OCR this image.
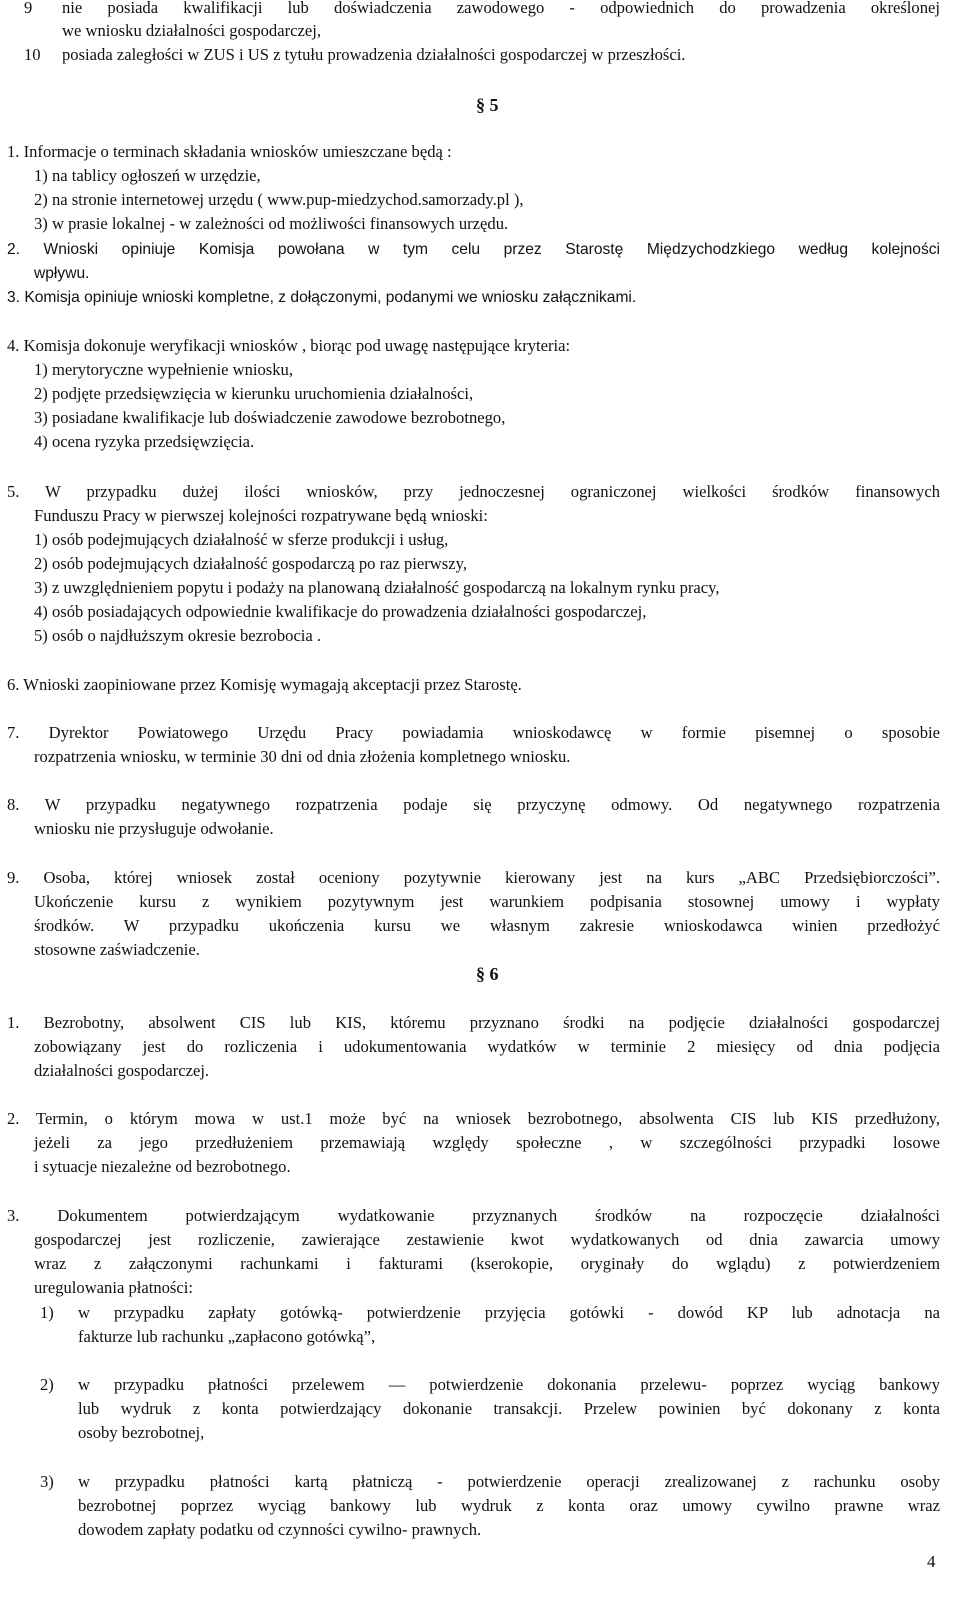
9 nie posiada kwalifikacji lub doświadczenia zawodowego - odpowiednich do prowadzenia określonej
we wniosku działalności gospodarczej,
10 posiada zaległości w ZUS i US z tytułu prowadzenia działalności gospodarczej w przeszłości.
§ 5
1. Informacje o terminach składania wniosków umieszczane będą :
1) na tablicy ogłoszeń w urzędzie,
2) na stronie internetowej urzędu ( www.pup-miedzychod.samorzady.pl ),
3) w prasie lokalnej - w zależności od możliwości finansowych urzędu.
2. Wnioski opiniuje Komisja powołana w tym celu przez Starostę Międzychodzkiego według kolejności
wpływu.
3. Komisja opiniuje wnioski kompletne, z dołączonymi, podanymi we wniosku załącznikami.
4. Komisja dokonuje weryfikacji wniosków , biorąc pod uwagę następujące kryteria:
1) merytoryczne wypełnienie wniosku,
2) podjęte przedsięwzięcia w kierunku uruchomienia działalności,
3) posiadane kwalifikacje lub doświadczenie zawodowe bezrobotnego,
4) ocena ryzyka przedsięwzięcia.
5. W przypadku dużej ilości wniosków, przy jednoczesnej ograniczonej wielkości środków finansowych
Funduszu Pracy w pierwszej kolejności rozpatrywane będą wnioski:
1) osób podejmujących działalność w sferze produkcji i usług,
2) osób podejmujących działalność gospodarczą po raz pierwszy,
3) z uwzględnieniem popytu i podaży na planowaną działalność gospodarczą na lokalnym rynku pracy,
4) osób posiadających odpowiednie kwalifikacje do prowadzenia działalności gospodarczej,
5) osób o najdłuższym okresie bezrobocia .
6. Wnioski zaopiniowane przez Komisję wymagają akceptacji przez Starostę.
7. Dyrektor Powiatowego Urzędu Pracy powiadamia wnioskodawcę w formie pisemnej o sposobie
rozpatrzenia wniosku, w terminie 30 dni od dnia złożenia kompletnego wniosku.
8. W przypadku negatywnego rozpatrzenia podaje się przyczynę odmowy. Od negatywnego rozpatrzenia
wniosku nie przysługuje odwołanie.
9. Osoba, której wniosek został oceniony pozytywnie kierowany jest na kurs „ABC Przedsiębiorczości”.
Ukończenie kursu z wynikiem pozytywnym jest warunkiem podpisania stosownej umowy i wypłaty
środków. W przypadku ukończenia kursu we własnym zakresie wnioskodawca winien przedłożyć
stosowne zaświadczenie.
§ 6
1. Bezrobotny, absolwent CIS lub KIS, któremu przyznano środki na podjęcie działalności gospodarczej
zobowiązany jest do rozliczenia i udokumentowania wydatków w terminie 2 miesięcy od dnia podjęcia
działalności gospodarczej.
2. Termin, o którym mowa w ust.1 może być na wniosek bezrobotnego, absolwenta CIS lub KIS przedłużony,
jeżeli za jego przedłużeniem przemawiają względy społeczne , w szczególności przypadki losowe
i sytuacje niezależne od bezrobotnego.
3. Dokumentem potwierdzającym wydatkowanie przyznanych środków na rozpoczęcie działalności
gospodarczej jest rozliczenie, zawierające zestawienie kwot wydatkowanych od dnia zawarcia umowy
wraz z załączonymi rachunkami i fakturami (kserokopie, oryginały do wglądu) z potwierdzeniem
uregulowania płatności:
1) w przypadku zapłaty gotówką- potwierdzenie przyjęcia gotówki - dowód KP lub adnotacja na
fakturze lub rachunku „zapłacono gotówką”,
2) w przypadku płatności przelewem — potwierdzenie dokonania przelewu- poprzez wyciąg bankowy
lub wydruk z konta potwierdzający dokonanie transakcji. Przelew powinien być dokonany z konta
osoby bezrobotnej,
3) w przypadku płatności kartą płatniczą - potwierdzenie operacji zrealizowanej z rachunku osoby
bezrobotnej poprzez wyciąg bankowy lub wydruk z konta oraz umowy cywilno prawne wraz
dowodem zapłaty podatku od czynności cywilno- prawnych.
4
